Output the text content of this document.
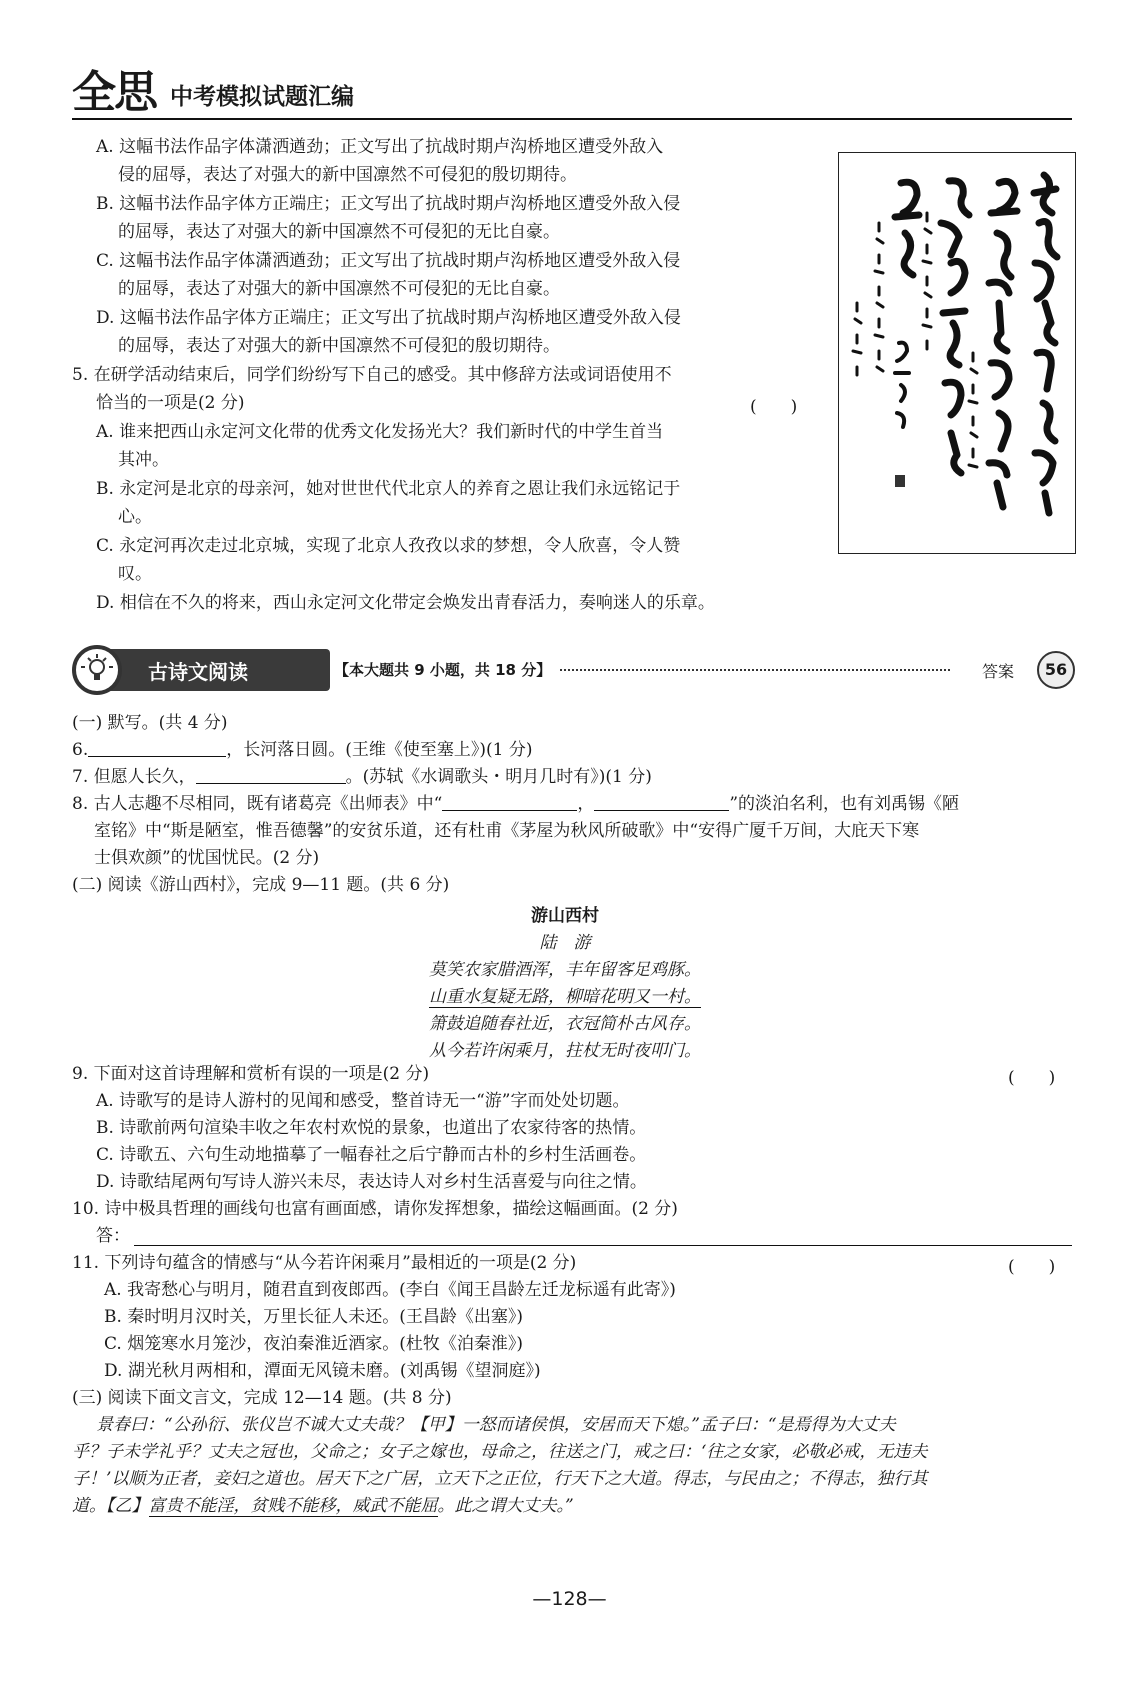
全思 中考模拟试题汇编
A. 这幅书法作品字体潇洒遒劲；正文写出了抗战时期卢沟桥地区遭受外敌入
侵的屈辱，表达了对强大的新中国凛然不可侵犯的殷切期待。
B. 这幅书法作品字体方正端庄；正文写出了抗战时期卢沟桥地区遭受外敌入侵
的屈辱，表达了对强大的新中国凛然不可侵犯的无比自豪。
C. 这幅书法作品字体潇洒遒劲；正文写出了抗战时期卢沟桥地区遭受外敌入侵
的屈辱，表达了对强大的新中国凛然不可侵犯的无比自豪。
D. 这幅书法作品字体方正端庄；正文写出了抗战时期卢沟桥地区遭受外敌入侵
的屈辱，表达了对强大的新中国凛然不可侵犯的殷切期待。
5. 在研学活动结束后，同学们纷纷写下自己的感受。其中修辞方法或词语使用不
恰当的一项是(2 分)	(　　)
A. 谁来把西山永定河文化带的优秀文化发扬光大？我们新时代的中学生首当
其冲。
B. 永定河是北京的母亲河，她对世世代代北京人的养育之恩让我们永远铭记于
心。
C. 永定河再次走过北京城，实现了北京人孜孜以求的梦想，令人欣喜，令人赞
叹。
D. 相信在不久的将来，西山永定河文化带定会焕发出青春活力，奏响迷人的乐章。
古诗文阅读	【本大题共 9 小题，共 18 分】	答案	56
(一) 默写。(共 4 分)
6.	，长河落日圆。(王维《使至塞上》)(1 分)
7. 但愿人长久，	。(苏轼《水调歌头・明月几时有》)(1 分)
8. 古人志趣不尽相同，既有诸葛亮《出师表》中“	，	”的淡泊名利，也有刘禹锡《陋
室铭》中“斯是陋室，惟吾德馨”的安贫乐道，还有杜甫《茅屋为秋风所破歌》中“安得广厦千万间，大庇天下寒
士俱欢颜”的忧国忧民。(2 分)
(二) 阅读《游山西村》，完成 9—11 题。(共 6 分)
游山西村
陆　游
莫笑农家腊酒浑，丰年留客足鸡豚。
山重水复疑无路，柳暗花明又一村。
箫鼓追随春社近，衣冠简朴古风存。
从今若许闲乘月，拄杖无时夜叩门。
9. 下面对这首诗理解和赏析有误的一项是(2 分)	(　　)
A. 诗歌写的是诗人游村的见闻和感受，整首诗无一“游”字而处处切题。
B. 诗歌前两句渲染丰收之年农村欢悦的景象，也道出了农家待客的热情。
C. 诗歌五、六句生动地描摹了一幅春社之后宁静而古朴的乡村生活画卷。
D. 诗歌结尾两句写诗人游兴未尽，表达诗人对乡村生活喜爱与向往之情。
10. 诗中极具哲理的画线句也富有画面感，请你发挥想象，描绘这幅画面。(2 分)
答：
11. 下列诗句蕴含的情感与“从今若许闲乘月”最相近的一项是(2 分)	(　　)
A. 我寄愁心与明月，随君直到夜郎西。(李白《闻王昌龄左迁龙标遥有此寄》)
B. 秦时明月汉时关，万里长征人未还。(王昌龄《出塞》)
C. 烟笼寒水月笼沙，夜泊秦淮近酒家。(杜牧《泊秦淮》)
D. 湖光秋月两相和，潭面无风镜未磨。(刘禹锡《望洞庭》)
(三) 阅读下面文言文，完成 12—14 题。(共 8 分)
景春曰：“公孙衍、张仪岂不诚大丈夫哉？【甲】一怒而诸侯惧，安居而天下熄。”孟子曰：“是焉得为大丈夫
乎？子未学礼乎？丈夫之冠也，父命之；女子之嫁也，母命之，往送之门，戒之曰：‘往之女家，必敬必戒，无违夫
子！’以顺为正者，妾妇之道也。居天下之广居，立天下之正位，行天下之大道。得志，与民由之；不得志，独行其
道。【乙】富贵不能淫，贫贱不能移，威武不能屈。此之谓大丈夫。”
—128—
